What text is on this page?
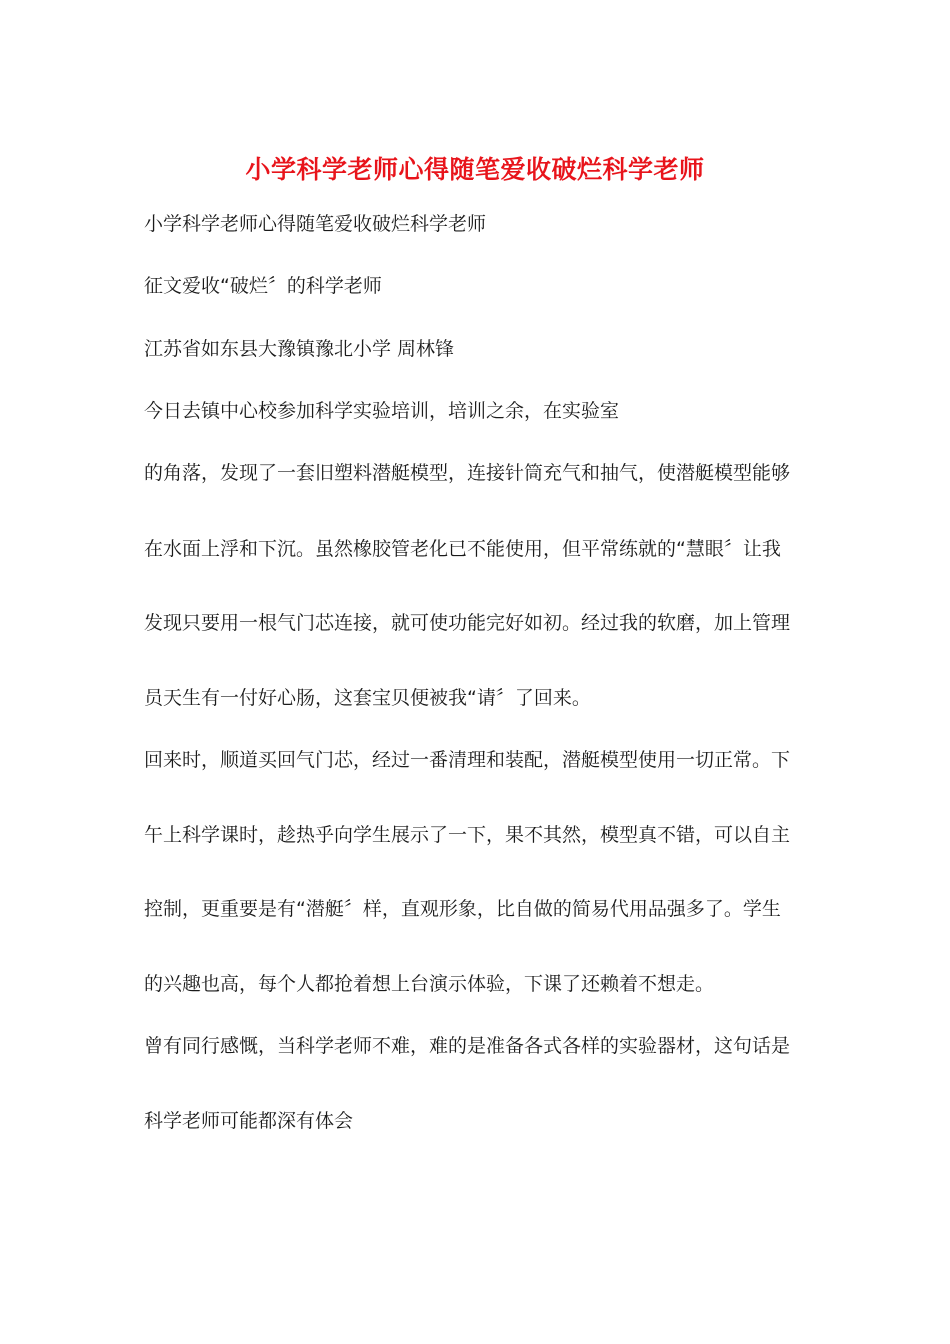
小学科学老师心得随笔爱收破烂科学老师

小学科学老师心得随笔爱收破烂科学老师

征文爱收“破烂〞的科学老师

江苏省如东县大豫镇豫北小学 周林锋

今日去镇中心校参加科学实验培训，培训之余，在实验室

的角落，发现了一套旧塑料潜艇模型，连接针筒充气和抽气，使潜艇模型能够

在水面上浮和下沉。虽然橡胶管老化已不能使用，但平常练就的“慧眼〞让我

发现只要用一根气门芯连接，就可使功能完好如初。经过我的软磨，加上管理

员天生有一付好心肠，这套宝贝便被我“请〞了回来。

回来时，顺道买回气门芯，经过一番清理和装配，潜艇模型使用一切正常。下

午上科学课时，趁热乎向学生展示了一下，果不其然，模型真不错，可以自主

控制，更重要是有“潜艇〞样，直观形象，比自做的简易代用品强多了。学生

的兴趣也高，每个人都抢着想上台演示体验，下课了还赖着不想走。

曾有同行感慨，当科学老师不难，难的是准备各式各样的实验器材，这句话是

科学老师可能都深有体会
